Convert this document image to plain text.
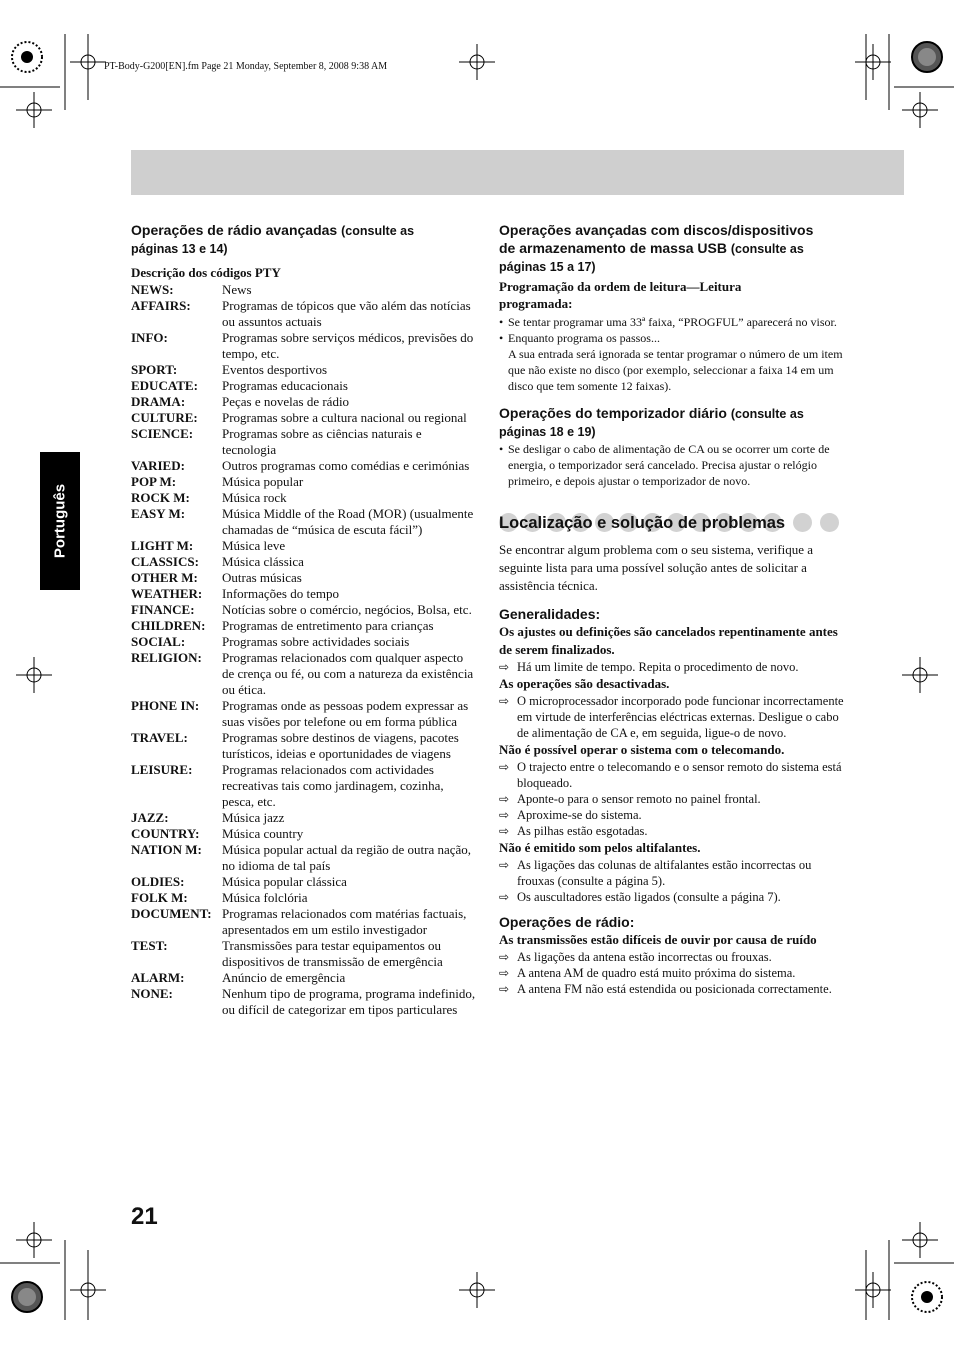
PT-Body-G200[EN].fm Page 21 Monday, September 8, 2008 9:38 AM
Português
Operações de rádio avançadas (consulte as
páginas 13 e 14)
Descrição dos códigos PTY
NEWS:	News
AFFAIRS:	Programas de tópicos que vão além das notícias ou assuntos actuais
INFO:	Programas sobre serviços médicos, previsões do tempo, etc.
SPORT:	Eventos desportivos
EDUCATE:	Programas educacionais
DRAMA:	Peças e novelas de rádio
CULTURE:	Programas sobre a cultura nacional ou regional
SCIENCE:	Programas sobre as ciências naturais e tecnologia
VARIED:	Outros programas como comédias e cerimónias
POP M:	Música popular
ROCK M:	Música rock
EASY M:	Música Middle of the Road (MOR) (usualmente chamadas de “música de escuta fácil”)
LIGHT M:	Música leve
CLASSICS:	Música clássica
OTHER M:	Outras músicas
WEATHER:	Informações do tempo
FINANCE:	Notícias sobre o comércio, negócios, Bolsa, etc.
CHILDREN:	Programas de entretimento para crianças
SOCIAL:	Programas sobre actividades sociais
RELIGION:	Programas relacionados com qualquer aspecto de crença ou fé, ou com a natureza da existência ou ética.
PHONE IN:	Programas onde as pessoas podem expressar as suas visões por telefone ou em forma pública
TRAVEL:	Programas sobre destinos de viagens, pacotes turísticos, ideias e oportunidades de viagens
LEISURE:	Programas relacionados com actividades recreativas tais como jardinagem, cozinha, pesca, etc.
JAZZ:	Música jazz
COUNTRY:	Música country
NATION M:	Música popular actual da região de outra nação, no idioma de tal país
OLDIES:	Música popular clássica
FOLK M:	Música folclória
DOCUMENT:	Programas relacionados com matérias factuais, apresentados em um estilo investigador
TEST:	Transmissões para testar equipamentos ou dispositivos de transmissão de emergência
ALARM:	Anúncio de emergência
NONE:	Nenhum tipo de programa, programa indefinido, ou difícil de categorizar em tipos particulares
Operações avançadas com discos/dispositivos
de armazenamento de massa USB (consulte as
páginas 15 a 17)
Programação da ordem de leitura—Leitura programada:
• Se tentar programar uma 33ª faixa, “PROGFUL” aparecerá no visor.
• Enquanto programa os passos...
A sua entrada será ignorada se tentar programar o número de um item que não existe no disco (por exemplo, seleccionar a faixa 14 em um disco que tem somente 12 faixas).
Operações do temporizador diário (consulte as
páginas 18 e 19)
• Se desligar o cabo de alimentação de CA ou se ocorrer um corte de energia, o temporizador será cancelado. Precisa ajustar o relógio primeiro, e depois ajustar o temporizador de novo.
Localização e solução de problemas
Se encontrar algum problema com o seu sistema, verifique a seguinte lista para uma possível solução antes de solicitar a assistência técnica.
Generalidades:
Os ajustes ou definições são cancelados repentinamente antes de serem finalizados.
⇨ Há um limite de tempo. Repita o procedimento de novo.
As operações são desactivadas.
⇨ O microprocessador incorporado pode funcionar incorrectamente em virtude de interferências eléctricas externas. Desligue o cabo de alimentação de CA e, em seguida, ligue-o de novo.
Não é possível operar o sistema com o telecomando.
⇨ O trajecto entre o telecomando e o sensor remoto do sistema está bloqueado.
⇨ Aponte-o para o sensor remoto no painel frontal.
⇨ Aproxime-se do sistema.
⇨ As pilhas estão esgotadas.
Não é emitido som pelos altifalantes.
⇨ As ligações das colunas de altifalantes estão incorrectas ou frouxas (consulte a página 5).
⇨ Os auscultadores estão ligados (consulte a página 7).
Operações de rádio:
As transmissões estão difíceis de ouvir por causa de ruído
⇨ As ligações da antena estão incorrectas ou frouxas.
⇨ A antena AM de quadro está muito próxima do sistema.
⇨ A antena FM não está estendida ou posicionada correctamente.
21
